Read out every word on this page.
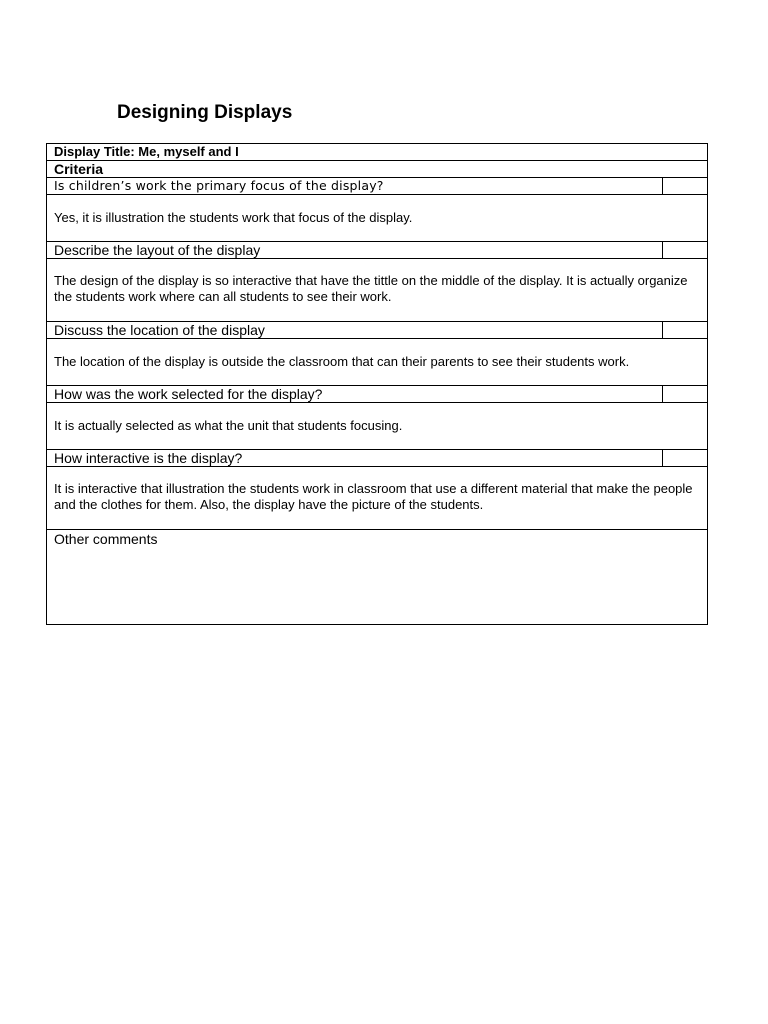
Designing Displays
Display Title: Me, myself and I
Criteria
Is children’s work the primary focus of the display?

Yes, it is illustration the students work that focus of the display.

Describe the layout of the display

The design of the display is so interactive that have the tittle on the middle of the display. It is actually organize the students work where can all students to see their work.

Discuss the location of the display

The location of the display is outside the classroom that can their parents to see their students work.

How was the work selected for the display?

It is actually selected as what the unit that students focusing.

How interactive is the display?

It is interactive that illustration the students work in classroom that use a different material that make the people and the clothes for them. Also, the display have the picture of the students.

Other comments
